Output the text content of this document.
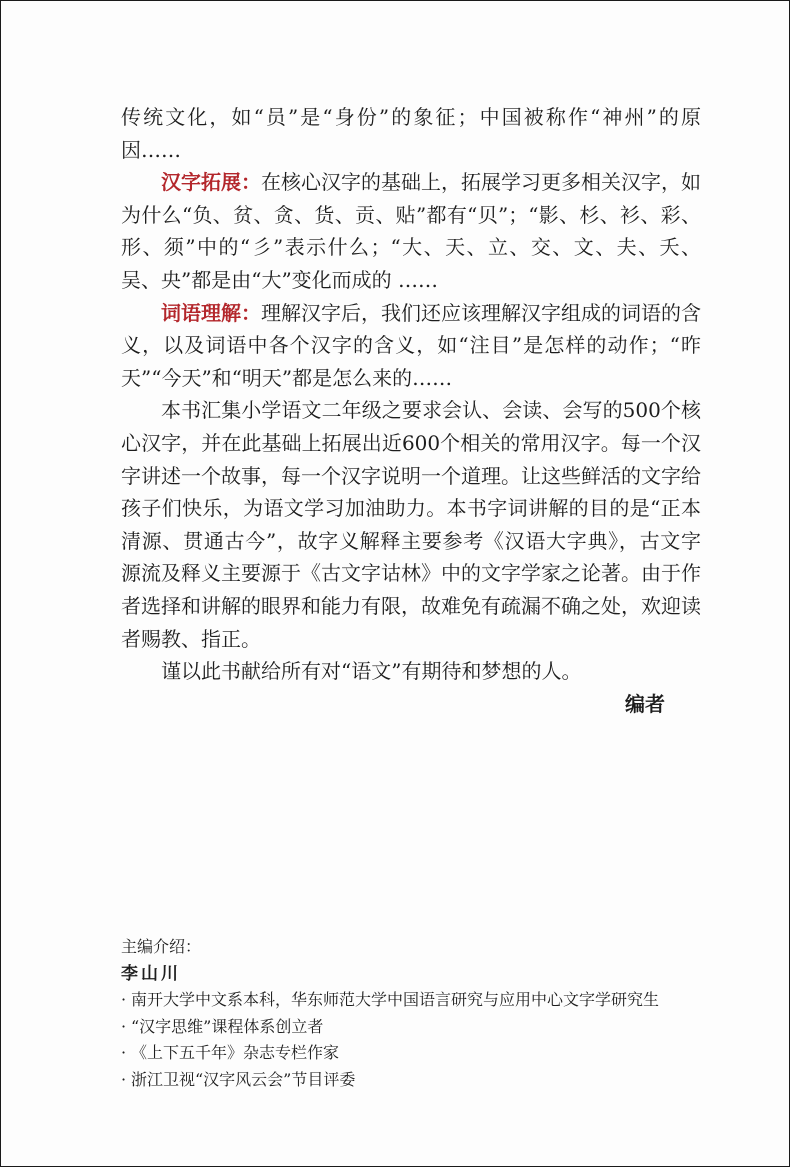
传统文化，如“员”是“身份”的象征；中国被称作“神州”的原因……

汉字拓展：在核心汉字的基础上，拓展学习更多相关汉字，如为什么“负、贫、贪、货、贡、贴”都有“贝”；“影、杉、衫、彩、形、须”中的“彡”表示什么；“大、天、立、交、文、夫、夭、吴、央”都是由“大”变化而成的 ……

词语理解：理解汉字后，我们还应该理解汉字组成的词语的含义，以及词语中各个汉字的含义，如“注目”是怎样的动作；“昨天”“今天”和“明天”都是怎么来的……

本书汇集小学语文二年级之要求会认、会读、会写的500个核心汉字，并在此基础上拓展出近600个相关的常用汉字。每一个汉字讲述一个故事，每一个汉字说明一个道理。让这些鲜活的文字给孩子们快乐，为语文学习加油助力。本书字词讲解的目的是“正本清源、贯通古今”，故字义解释主要参考《汉语大字典》，古文字源流及释义主要源于《古文字诂林》中的文字学家之论著。由于作者选择和讲解的眼界和能力有限，故难免有疏漏不确之处，欢迎读者赐教、指正。

谨以此书献给所有对“语文”有期待和梦想的人。

编者

主编介绍：

李山川

· 南开大学中文系本科，华东师范大学中国语言研究与应用中心文字学研究生
· “汉字思维”课程体系创立者
· 《上下五千年》杂志专栏作家
· 浙江卫视“汉字风云会”节目评委
